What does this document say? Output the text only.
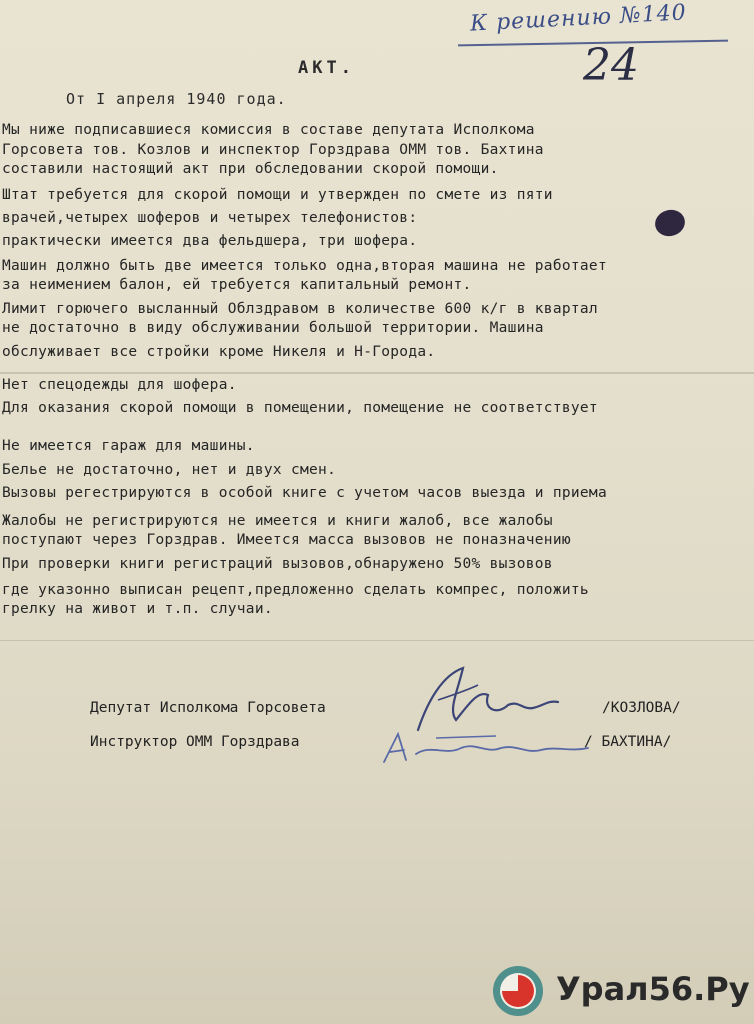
К решению №140
24
АКТ.
От I апреля 1940 года.
Мы ниже подписавшиеся комиссия в составе депутата Исполкома
Горсовета тов. Козлов и инспектор Горздрава ОММ тов. Бахтина
составили настоящий акт при обследовании скорой помощи.
Штат требуется для скорой помощи и утвержден по смете из пяти
врачей,четырех шоферов и четырех телефонистов:
практически имеется два фельдшера, три шофера.
Машин должно быть две имеется только одна,вторая машина не работает
за неимением балон, ей требуется капитальный ремонт.
Лимит горючего высланный Облздравом в количестве 600 к/г в квартал
не достаточно в виду обслуживании большой территории. Машина
обслуживает все стройки кроме Никеля и Н-Города.
Нет спецодежды для шофера.
Для оказания скорой помощи в помещении, помещение не соответствует
Не имеется гараж для машины.
Белье не достаточно, нет и двух смен.
Вызовы регестрируются в особой книге с учетом часов выезда и приема
Жалобы не регистрируются не имеется и книги жалоб, все жалобы
поступают через Горздрав. Имеется масса вызовов не поназначению
При проверки книги регистраций вызовов,обнаружено 50% вызовов
где указонно выписан рецепт,предложенно сделать компрес, положить
грелку на живот и т.п. случаи.
Депутат Исполкома Горсовета	/КОЗЛОВА/
Инструктор ОММ Горздрава	/ БАХТИНА/
Урал56.Ру
